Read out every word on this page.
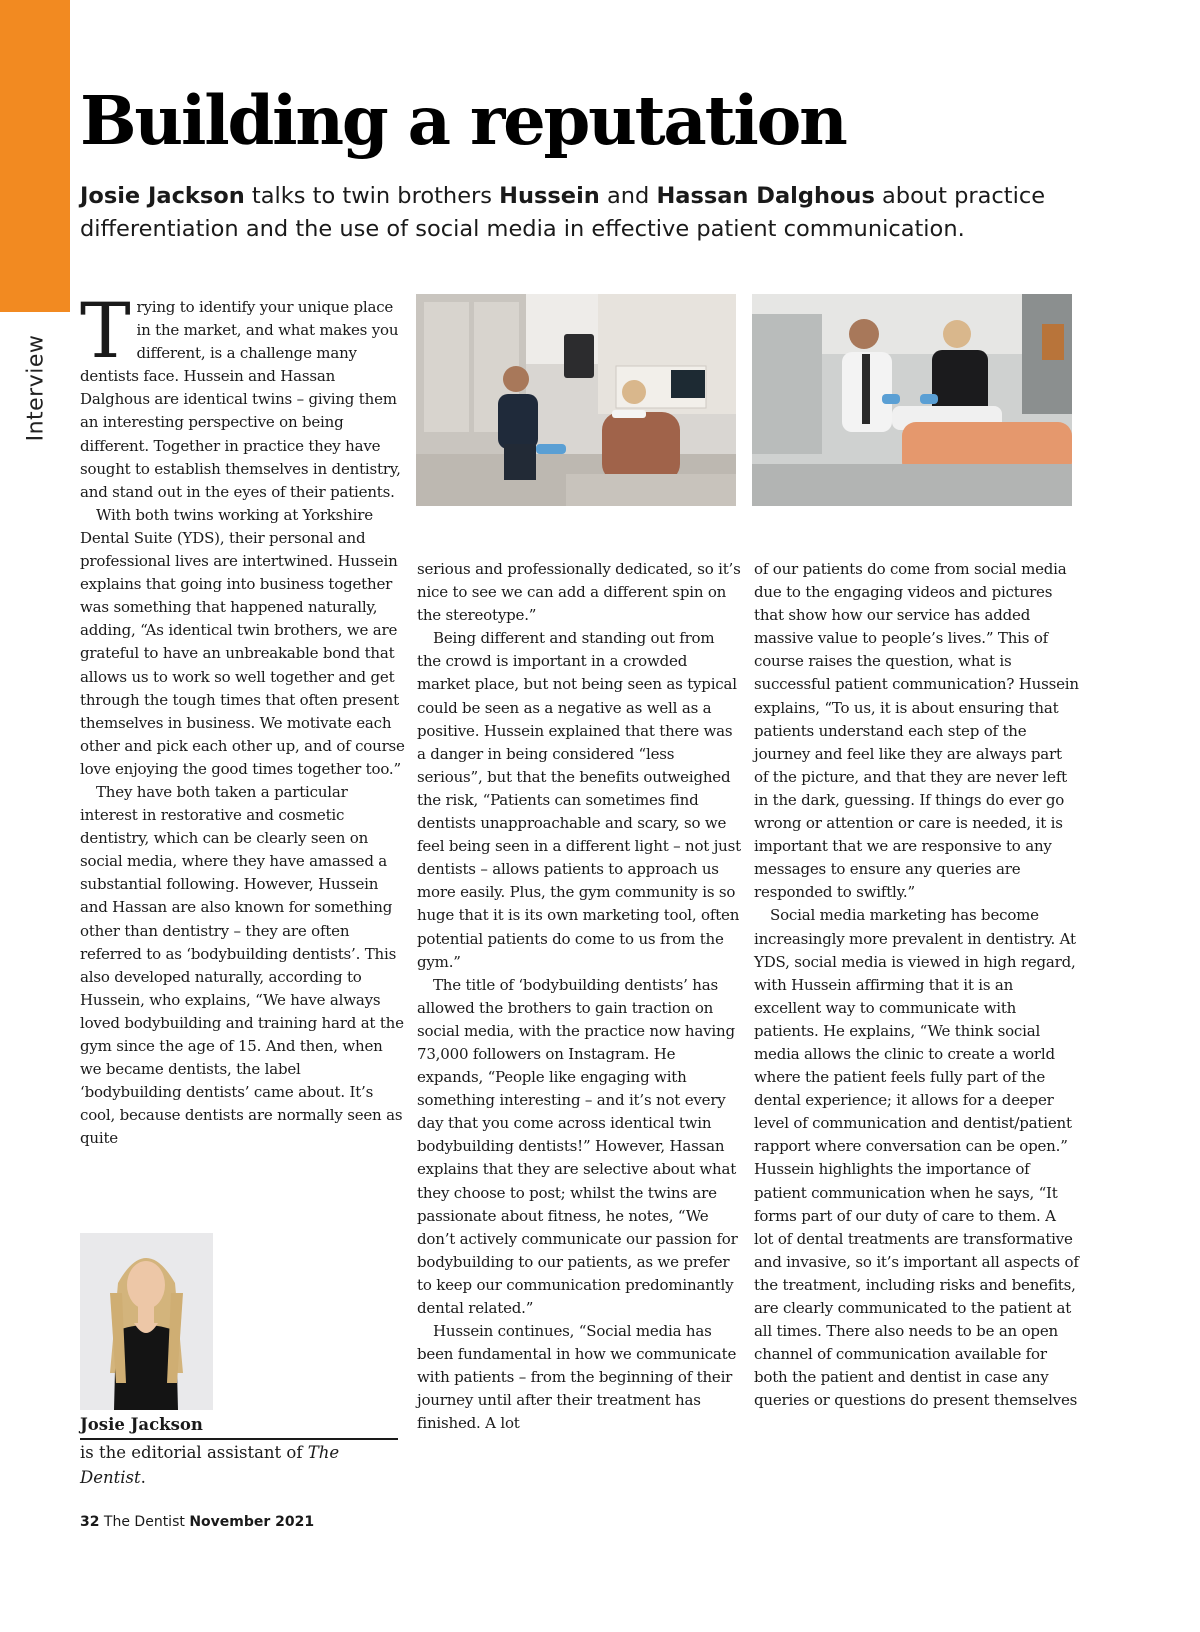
Interview
Building a reputation
Josie Jackson talks to twin brothers Hussein and Hassan Dalghous about practice differentiation and the use of social media in effective patient communication.

Trying to identify your unique place in the market, and what makes you different, is a challenge many dentists face. Hussein and Hassan Dalghous are identical twins – giving them an interesting perspective on being different. Together in practice they have sought to establish themselves in dentistry, and stand out in the eyes of their patients.

With both twins working at Yorkshire Dental Suite (YDS), their personal and professional lives are intertwined. Hussein explains that going into business together was something that happened naturally, adding, “As identical twin brothers, we are grateful to have an unbreakable bond that allows us to work so well together and get through the tough times that often present themselves in business. We motivate each other and pick each other up, and of course love enjoying the good times together too.”

They have both taken a particular interest in restorative and cosmetic dentistry, which can be clearly seen on social media, where they have amassed a substantial following. However, Hussein and Hassan are also known for something other than dentistry – they are often referred to as ‘bodybuilding dentists’. This also developed naturally, according to Hussein, who explains, “We have always loved bodybuilding and training hard at the gym since the age of 15. And then, when we became dentists, the label ‘bodybuilding dentists’ came about. It’s cool, because dentists are normally seen as quite

serious and professionally dedicated, so it’s nice to see we can add a different spin on the stereotype.”

Being different and standing out from the crowd is important in a crowded market place, but not being seen as typical could be seen as a negative as well as a positive. Hussein explained that there was a danger in being considered “less serious”, but that the benefits outweighed the risk, “Patients can sometimes find dentists unapproachable and scary, so we feel being seen in a different light – not just dentists – allows patients to approach us more easily. Plus, the gym community is so huge that it is its own marketing tool, often potential patients do come to us from the gym.”

The title of ‘bodybuilding dentists’ has allowed the brothers to gain traction on social media, with the practice now having 73,000 followers on Instagram. He expands, “People like engaging with something interesting – and it’s not every day that you come across identical twin bodybuilding dentists!” However, Hassan explains that they are selective about what they choose to post; whilst the twins are passionate about fitness, he notes, “We don’t actively communicate our passion for bodybuilding to our patients, as we prefer to keep our communication predominantly dental related.”

Hussein continues, “Social media has been fundamental in how we communicate with patients – from the beginning of their journey until after their treatment has finished. A lot

of our patients do come from social media due to the engaging videos and pictures that show how our service has added massive value to people’s lives.” This of course raises the question, what is successful patient communication? Hussein explains, “To us, it is about ensuring that patients understand each step of the journey and feel like they are always part of the picture, and that they are never left in the dark, guessing. If things do ever go wrong or attention or care is needed, it is important that we are responsive to any messages to ensure any queries are responded to swiftly.”

Social media marketing has become increasingly more prevalent in dentistry. At YDS, social media is viewed in high regard, with Hussein affirming that it is an excellent way to communicate with patients. He explains, “We think social media allows the clinic to create a world where the patient feels fully part of the dental experience; it allows for a deeper level of communication and dentist/patient rapport where conversation can be open.” Hussein highlights the importance of patient communication when he says, “It forms part of our duty of care to them. A lot of dental treatments are transformative and invasive, so it’s important all aspects of the treatment, including risks and benefits, are clearly communicated to the patient at all times. There also needs to be an open channel of communication available for both the patient and dentist in case any queries or questions do present themselves

Josie Jackson
is the editorial assistant of The Dentist.
32 The Dentist November 2021
